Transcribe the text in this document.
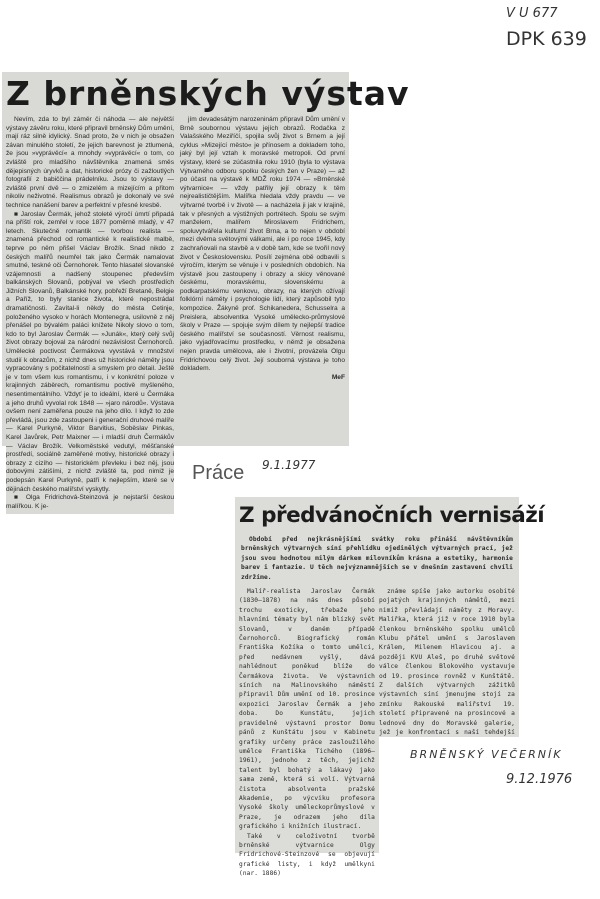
V U 677
DPK 639
Z brněnských výstav

Nevím, zda to byl záměr či náhoda — ale největší výstavy závěru roku, které připravil brněnský Dům umění, mají ráz silně idylický. Snad proto, že v nich je obsažen závan minulého století, že jejich barevnost je ztlumená, že jsou »vyprávěcí« a mnohdy »vyprávěcí« o tom, co zvláště pro mladšího návštěvníka znamená směs dějepisných úryvků a dat, historické prózy či zažloutlých fotografií z babiččina prádelníku. Jsou to výstavy — zvláště první dvě — o zmizelém a mizejícím a přitom nikoliv neživotné. Realismus obrazů je dokonalý ve své technice nanášení barev a perfektní v přesné kresbě.

■ Jaroslav Čermák, jehož stoleté výročí úmrtí připadá na příští rok, zemřel v roce 1877 poměrně mladý, v 47 letech. Skutečně romantik — tvorbou realista — znamená přechod od romantické k realistické malbě, teprve po něm přišel Václav Brožík. Snad nikdo z českých malířů neumřel tak jako Čermák namalovat smutné, teskné oči Černohorek. Tento hlasatel slovanské vzájemnosti a nadšený stoupenec především balkánských Slovanů, pobýval ve všech prostředích Jižních Slovanů, Balkánské hory, pobřeží Bretaně, Belgie a Paříž, to byly stanice života, které nepostrádal dramatičnosti. Zavítal-li někdy do města Cetinje, položeného vysoko v horách Montenegra, usilovně z něj přenášel po bývalém paláci knížete Nikoly slovo o tom, kdo to byl Jaroslav Čermák — »Junák«, který celý svůj život obrazy bojoval za národní nezávislost Černohorců. Umělecké poctivost Čermákova vyvstává v množství studií k obrazům, z nichž dnes už historické náměty jsou vypracovány s počitatelností a smyslem pro detail. Ještě je v tom všem kus romantismu, i v konkrétní poloze v krajinných záběrech, romantismu poctivě myšleného, nesentimentálního. Vždyť je to ideální, které u Čermáka a jeho druhů vyvolal rok 1848 — »jaro národů«. Výstava ovšem není zaměřena pouze na jeho dílo. I když to zde převládá, jsou zde zastoupeni i generační druhové malíře — Karel Purkyně, Viktor Barvitius, Soběslav Pinkas, Karel Javůrek, Petr Maixner — i mladší druh Čermákův — Václav Brožík. Velkoměstské vedutyl, měšťanské prostředí, sociálně zaměřené motivy, historické obrazy i obrazy z cizího — historickém převleku i bez něj, jsou dobovými zátišími, z nichž zvláště ta, pod nimiž je podepsán Karel Purkyně, patří k nejlepším, které se v dějinách českého malířství vyskytly.

■ Olga Fridrichová-Steinzová je nejstarší českou malířkou. K je-

jím devadesátým narozeninám připravil Dům umění v Brně soubornou výstavu jejích obrazů. Rodačka z Valašského Meziříčí, spojila svůj život s Brnem a její cyklus »Mizející město« je přínosem a dokladem toho, jaký byl její vztah k moravské metropoli. Od první výstavy, které se zúčastnila roku 1910 (byla to výstava Výtvarného odboru spolku českých žen v Praze) — až po účast na výstavě k MDŽ roku 1974 — »Brněnské výtvarnice« — vždy patřily její obrazy k těm nejrealističtějším. Malířka hledala vždy pravdu — ve výtvarné tvorbě i v životě — a nacházela ji jak v krajině, tak v přesných a výstižných portrétech. Spolu se svým manželem, malířem Miroslavem Fridrichem, spoluvytvářela kulturní život Brna, a to nejen v období mezi dvěma světovými válkami, ale i po roce 1945, kdy zachraňovali na stavbě a v době tam, kde se tvořil nový život v Československu. Posílí zejména obě odbavili s výročím, kterým se věnuje i v posledních obdobích. Na výstavě jsou zastoupeny i obrazy a skicy věnované českému, moravskému, slovenskému a podkarpatskému venkovu, obrazy, na kterých ožívají folklórní náměty i psychologie lidí, který zapůsobil tyto kompozice. Žákyně prof. Schikanedera, Schusselra a Preislera, absolventka Vysoké umělecko-průmyslové školy v Praze — spojuje svým dílem ty nejlepší tradice českého malířství se současností. Věrnost realismu, jako vyjadřovacímu prostředku, v němž je obsažena nejen pravda umělcova, ale i životní, provázela Olgu Fridrichovou celý život. Její souborná výstava je toho dokladem.

MeF
Práce 9.1.1977
Z předvánočních vernisáží

Období před nejkrásnějšími svátky roku přináší návštěvníkům brněnských výtvarných síní přehlídku ojedinělých výtvarných prací, jež jsou svou hodnotou milým dárkem milovníkům krásna a estetiky, harmonie barev i fantazie. U těch nejvýznamnějších se v dnešním zastavení chvíli zdržíme.

Malíř-realista Jaroslav Čermák (1830—1878) na nás dnes působí trochu exoticky, třebaže jeho hlavními tématy byl nám blízký svět Slovanů, v daném případě Černohorců. Biografický román Františka Kožíka o tomto umělci, před nedávnem vyšlý, dává nahlédnout poněkud blíže do Čermákova života. Ve výstavních síních na Malinovského náměstí připravil Dům umění od 10. prosince expozici Jaroslav Čermák a jeho doba. Do Kunstátu, jejich pravidelné výstavní prostor Domu pánů z Kunštátu jsou v Kabinetu grafiky určeny práce zasloužilého umělce Františka Tichého (1896—1961), jednoho z těch, jejichž talent byl bohatý a lákavý jako sama země, která si volí. Výtvarná čistota absolventa pražské Akademie, po výcviku profesora Vysoké školy uměleckoprůmyslové v Praze, je odrazem jeho díla grafického i knižních ilustrací.

Také v celoživotní tvorbě brněnské výtvarnice Olgy Fridrichové-Steinzové se objevují grafické listy, i když umělkyni (nar. 1886)

známe spíše jako autorku osobité pojatých krajinných námětů, mezi nimiž převládají náměty z Moravy. Malířka, která již v roce 1910 byla členkou brněnského spolku umělců Klubu přátel umění s Jaroslavem Králem, Milenem Hlavicou aj. a později KVU Aleš, po druhé světové válce členkou Blokového vystavuje od 19. prosince rovněž v Kunštátě. Z dalších výtvarných zážitků výstavních síní jmenujme stojí za zmínku Rakouské malířství 19. století připravené na prosincové a lednové dny do Moravské galerie, jež je konfrontací s naší tehdejší

BRNĚNSKÝ VEČERNÍK
9.12.1976
